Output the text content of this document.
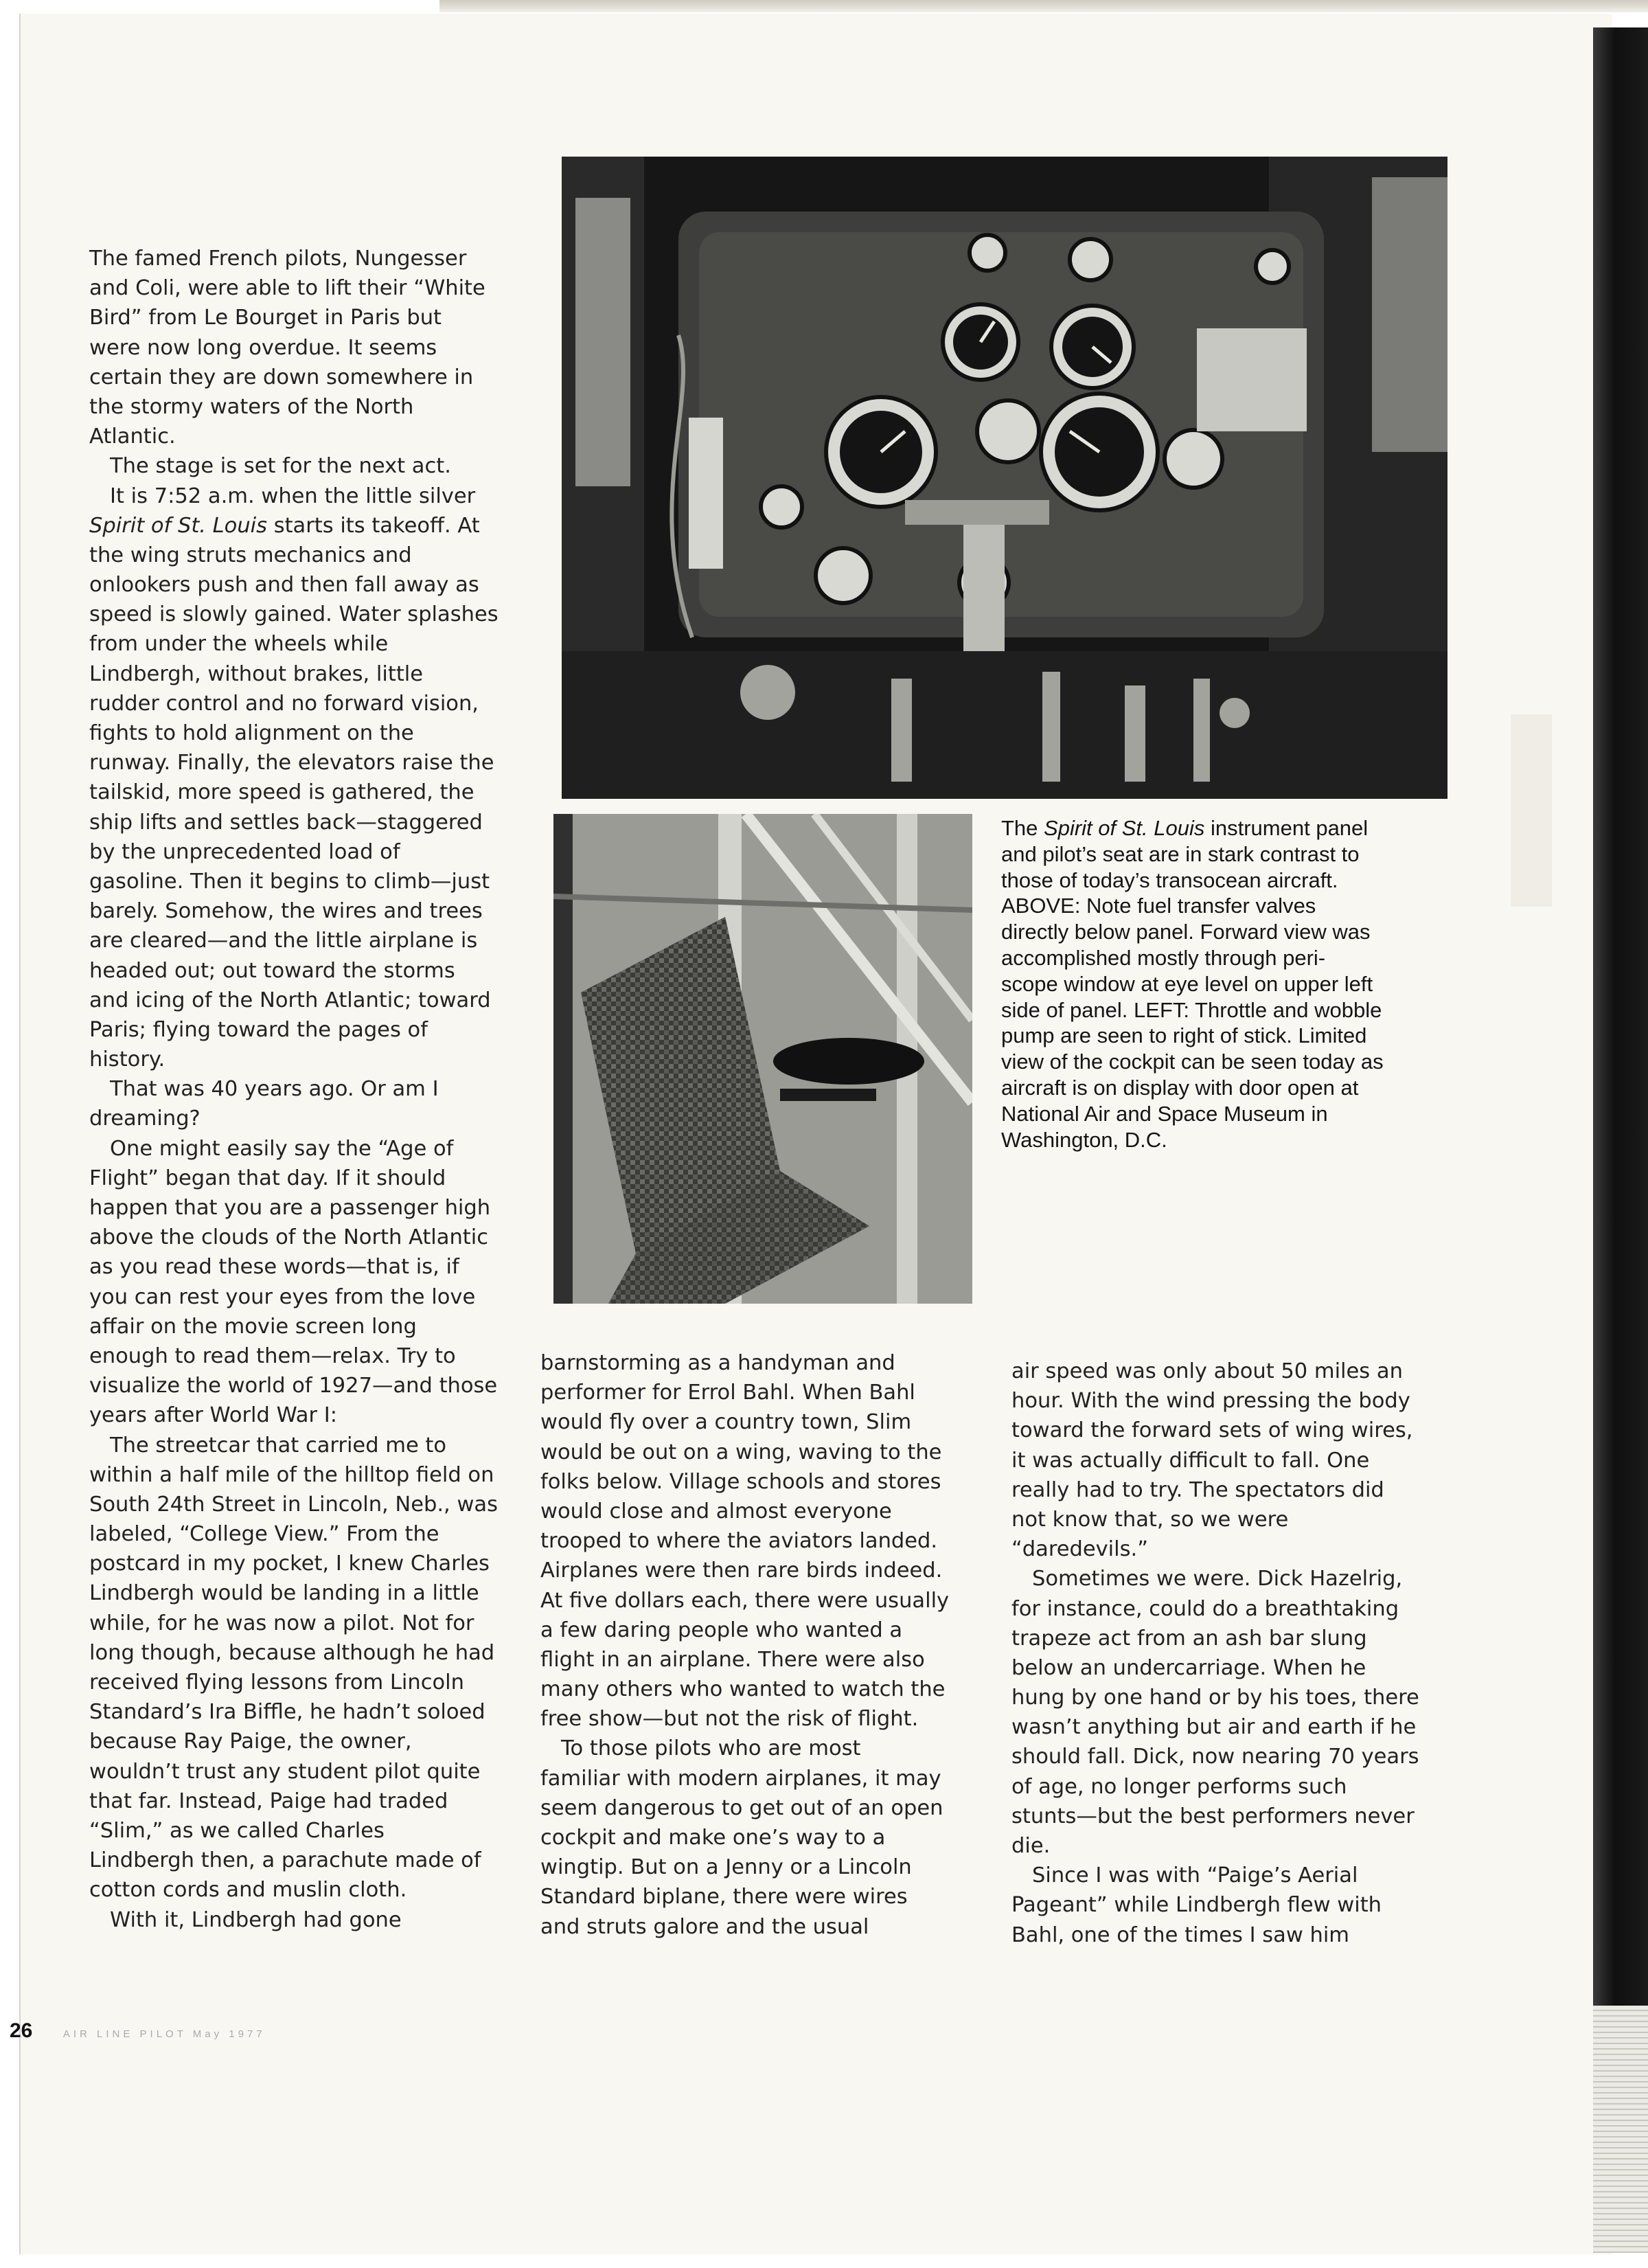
The Spirit of St. Louis instrument panel
and pilot’s seat are in stark contrast to
those of today’s transocean aircraft.
ABOVE: Note fuel transfer valves
directly below panel. Forward view was
accomplished mostly through peri-
scope window at eye level on upper left
side of panel. LEFT: Throttle and wobble
pump are seen to right of stick. Limited
view of the cockpit can be seen today as
aircraft is on display with door open at
National Air and Space Museum in
Washington, D.C.
The famed French pilots, Nungesser
and Coli, were able to lift their “White
Bird” from Le Bourget in Paris but
were now long overdue. It seems
certain they are down somewhere in
the stormy waters of the North
Atlantic.
The stage is set for the next act.
It is 7:52 a.m. when the little silver
Spirit of St. Louis starts its takeoff. At
the wing struts mechanics and
onlookers push and then fall away as
speed is slowly gained. Water splashes
from under the wheels while
Lindbergh, without brakes, little
rudder control and no forward vision,
fights to hold alignment on the
runway. Finally, the elevators raise the
tailskid, more speed is gathered, the
ship lifts and settles back—staggered
by the unprecedented load of
gasoline. Then it begins to climb—just
barely. Somehow, the wires and trees
are cleared—and the little airplane is
headed out; out toward the storms
and icing of the North Atlantic; toward
Paris; flying toward the pages of
history.
That was 40 years ago. Or am I
dreaming?
One might easily say the “Age of
Flight” began that day. If it should
happen that you are a passenger high
above the clouds of the North Atlantic
as you read these words—that is, if
you can rest your eyes from the love
affair on the movie screen long
enough to read them—relax. Try to
visualize the world of 1927—and those
years after World War I:
The streetcar that carried me to
within a half mile of the hilltop field on
South 24th Street in Lincoln, Neb., was
labeled, “College View.” From the
postcard in my pocket, I knew Charles
Lindbergh would be landing in a little
while, for he was now a pilot. Not for
long though, because although he had
received flying lessons from Lincoln
Standard’s Ira Biffle, he hadn’t soloed
because Ray Paige, the owner,
wouldn’t trust any student pilot quite
that far. Instead, Paige had traded
“Slim,” as we called Charles
Lindbergh then, a parachute made of
cotton cords and muslin cloth.
With it, Lindbergh had gone
barnstorming as a handyman and
performer for Errol Bahl. When Bahl
would fly over a country town, Slim
would be out on a wing, waving to the
folks below. Village schools and stores
would close and almost everyone
trooped to where the aviators landed.
Airplanes were then rare birds indeed.
At five dollars each, there were usually
a few daring people who wanted a
flight in an airplane. There were also
many others who wanted to watch the
free show—but not the risk of flight.
To those pilots who are most
familiar with modern airplanes, it may
seem dangerous to get out of an open
cockpit and make one’s way to a
wingtip. But on a Jenny or a Lincoln
Standard biplane, there were wires
and struts galore and the usual
air speed was only about 50 miles an
hour. With the wind pressing the body
toward the forward sets of wing wires,
it was actually difficult to fall. One
really had to try. The spectators did
not know that, so we were
“daredevils.”
Sometimes we were. Dick Hazelrig,
for instance, could do a breathtaking
trapeze act from an ash bar slung
below an undercarriage. When he
hung by one hand or by his toes, there
wasn’t anything but air and earth if he
should fall. Dick, now nearing 70 years
of age, no longer performs such
stunts—but the best performers never
die.
Since I was with “Paige’s Aerial
Pageant” while Lindbergh flew with
Bahl, one of the times I saw him
26	AIR LINE PILOT May 1977
